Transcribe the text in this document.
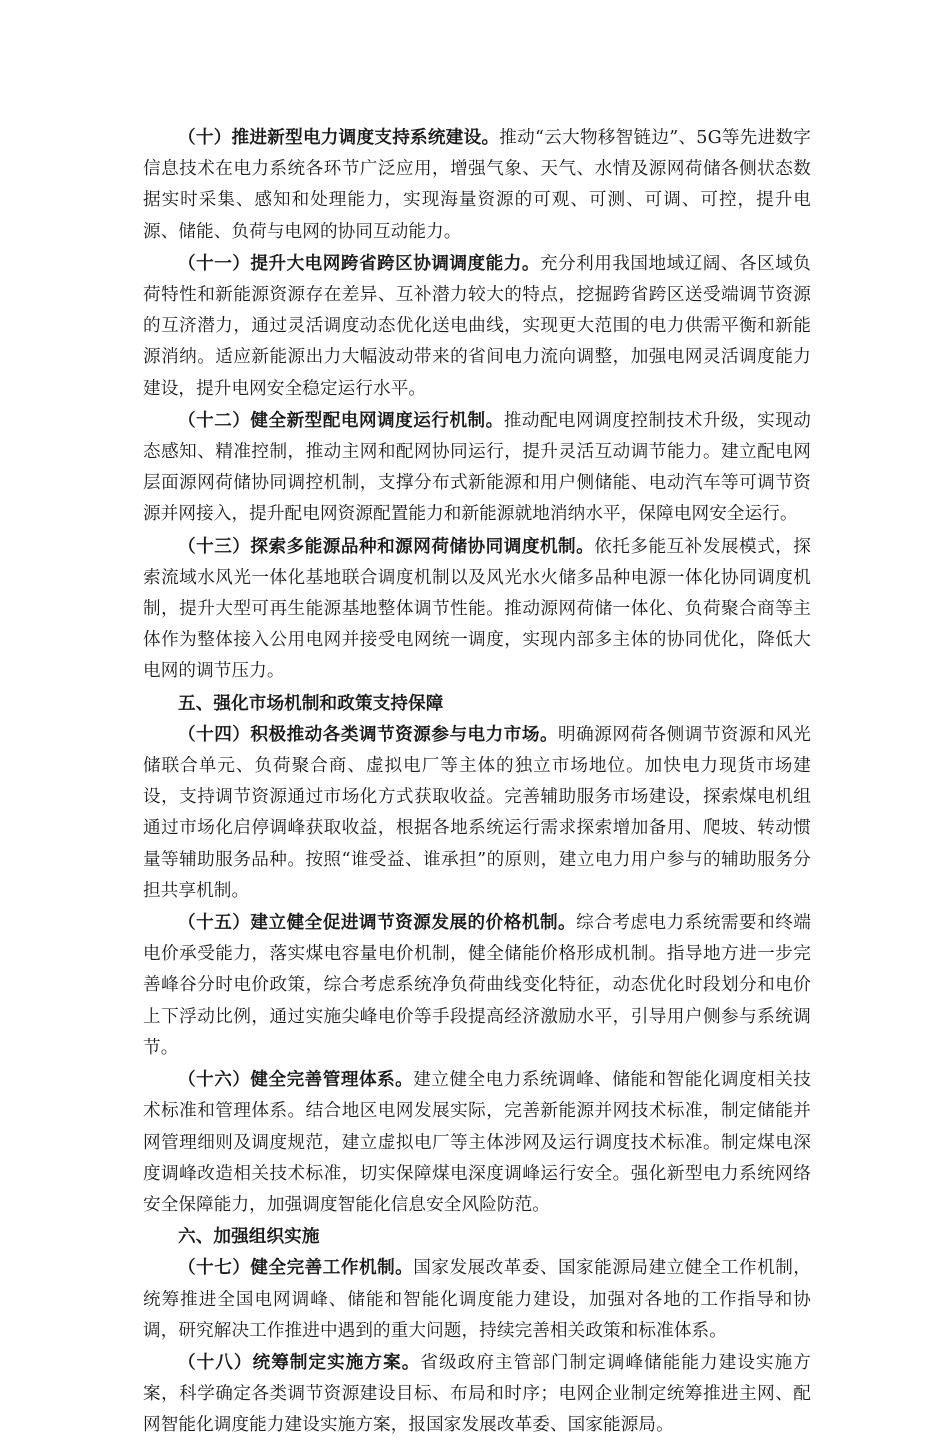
（十）推进新型电力调度支持系统建设。推动“云大物移智链边”、5G等先进数字信息技术在电力系统各环节广泛应用，增强气象、天气、水情及源网荷储各侧状态数据实时采集、感知和处理能力，实现海量资源的可观、可测、可调、可控，提升电源、储能、负荷与电网的协同互动能力。

（十一）提升大电网跨省跨区协调调度能力。充分利用我国地域辽阔、各区域负荷特性和新能源资源存在差异、互补潜力较大的特点，挖掘跨省跨区送受端调节资源的互济潜力，通过灵活调度动态优化送电曲线，实现更大范围的电力供需平衡和新能源消纳。适应新能源出力大幅波动带来的省间电力流向调整，加强电网灵活调度能力建设，提升电网安全稳定运行水平。

（十二）健全新型配电网调度运行机制。推动配电网调度控制技术升级，实现动态感知、精准控制，推动主网和配网协同运行，提升灵活互动调节能力。建立配电网层面源网荷储协同调控机制，支撑分布式新能源和用户侧储能、电动汽车等可调节资源并网接入，提升配电网资源配置能力和新能源就地消纳水平，保障电网安全运行。

（十三）探索多能源品种和源网荷储协同调度机制。依托多能互补发展模式，探索流域水风光一体化基地联合调度机制以及风光水火储多品种电源一体化协同调度机制，提升大型可再生能源基地整体调节性能。推动源网荷储一体化、负荷聚合商等主体作为整体接入公用电网并接受电网统一调度，实现内部多主体的协同优化，降低大电网的调节压力。

五、强化市场机制和政策支持保障

（十四）积极推动各类调节资源参与电力市场。明确源网荷各侧调节资源和风光储联合单元、负荷聚合商、虚拟电厂等主体的独立市场地位。加快电力现货市场建设，支持调节资源通过市场化方式获取收益。完善辅助服务市场建设，探索煤电机组通过市场化启停调峰获取收益，根据各地系统运行需求探索增加备用、爬坡、转动惯量等辅助服务品种。按照“谁受益、谁承担”的原则，建立电力用户参与的辅助服务分担共享机制。

（十五）建立健全促进调节资源发展的价格机制。综合考虑电力系统需要和终端电价承受能力，落实煤电容量电价机制，健全储能价格形成机制。指导地方进一步完善峰谷分时电价政策，综合考虑系统净负荷曲线变化特征，动态优化时段划分和电价上下浮动比例，通过实施尖峰电价等手段提高经济激励水平，引导用户侧参与系统调节。

（十六）健全完善管理体系。建立健全电力系统调峰、储能和智能化调度相关技术标准和管理体系。结合地区电网发展实际，完善新能源并网技术标准，制定储能并网管理细则及调度规范，建立虚拟电厂等主体涉网及运行调度技术标准。制定煤电深度调峰改造相关技术标准，切实保障煤电深度调峰运行安全。强化新型电力系统网络安全保障能力，加强调度智能化信息安全风险防范。

六、加强组织实施

（十七）健全完善工作机制。国家发展改革委、国家能源局建立健全工作机制，统筹推进全国电网调峰、储能和智能化调度能力建设，加强对各地的工作指导和协调，研究解决工作推进中遇到的重大问题，持续完善相关政策和标准体系。

（十八）统筹制定实施方案。省级政府主管部门制定调峰储能能力建设实施方案，科学确定各类调节资源建设目标、布局和时序；电网企业制定统筹推进主网、配网智能化调度能力建设实施方案，报国家发展改革委、国家能源局。
